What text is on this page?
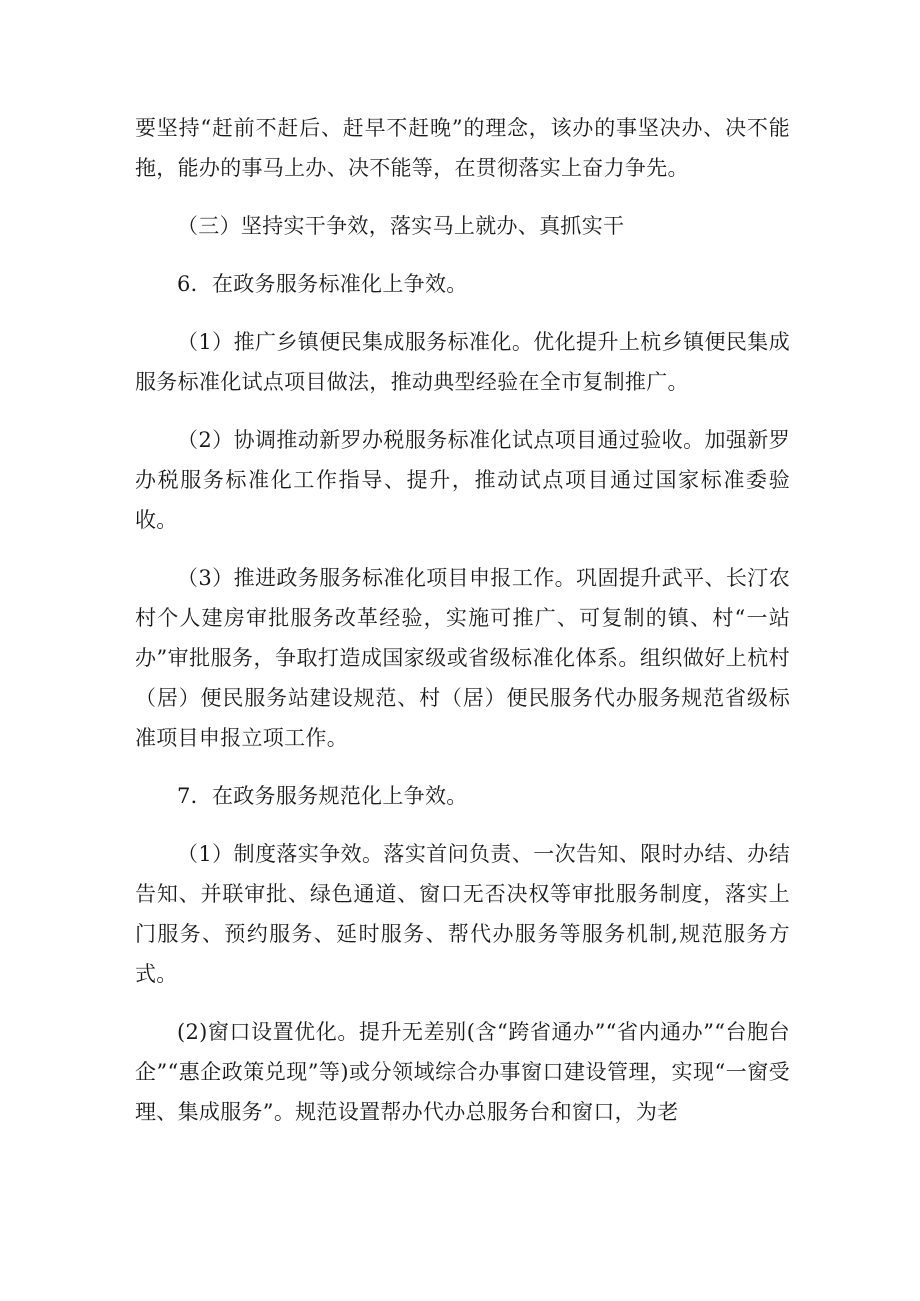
要坚持“赶前不赶后、赶早不赶晚”的理念，该办的事坚决办、决不能拖，能办的事马上办、决不能等，在贯彻落实上奋力争先。

（三）坚持实干争效，落实马上就办、真抓实干

6．在政务服务标准化上争效。

（1）推广乡镇便民集成服务标准化。优化提升上杭乡镇便民集成服务标准化试点项目做法，推动典型经验在全市复制推广。

（2）协调推动新罗办税服务标准化试点项目通过验收。加强新罗办税服务标准化工作指导、提升，推动试点项目通过国家标准委验收。

（3）推进政务服务标准化项目申报工作。巩固提升武平、长汀农村个人建房审批服务改革经验，实施可推广、可复制的镇、村“一站办”审批服务，争取打造成国家级或省级标准化体系。组织做好上杭村（居）便民服务站建设规范、村（居）便民服务代办服务规范省级标准项目申报立项工作。

7．在政务服务规范化上争效。

（1）制度落实争效。落实首问负责、一次告知、限时办结、办结告知、并联审批、绿色通道、窗口无否决权等审批服务制度，落实上门服务、预约服务、延时服务、帮代办服务等服务机制,规范服务方式。

(2)窗口设置优化。提升无差别(含“跨省通办”“省内通办”“台胞台企”“惠企政策兑现”等)或分领域综合办事窗口建设管理，实现“一窗受理、集成服务”。规范设置帮办代办总服务台和窗口，为老
